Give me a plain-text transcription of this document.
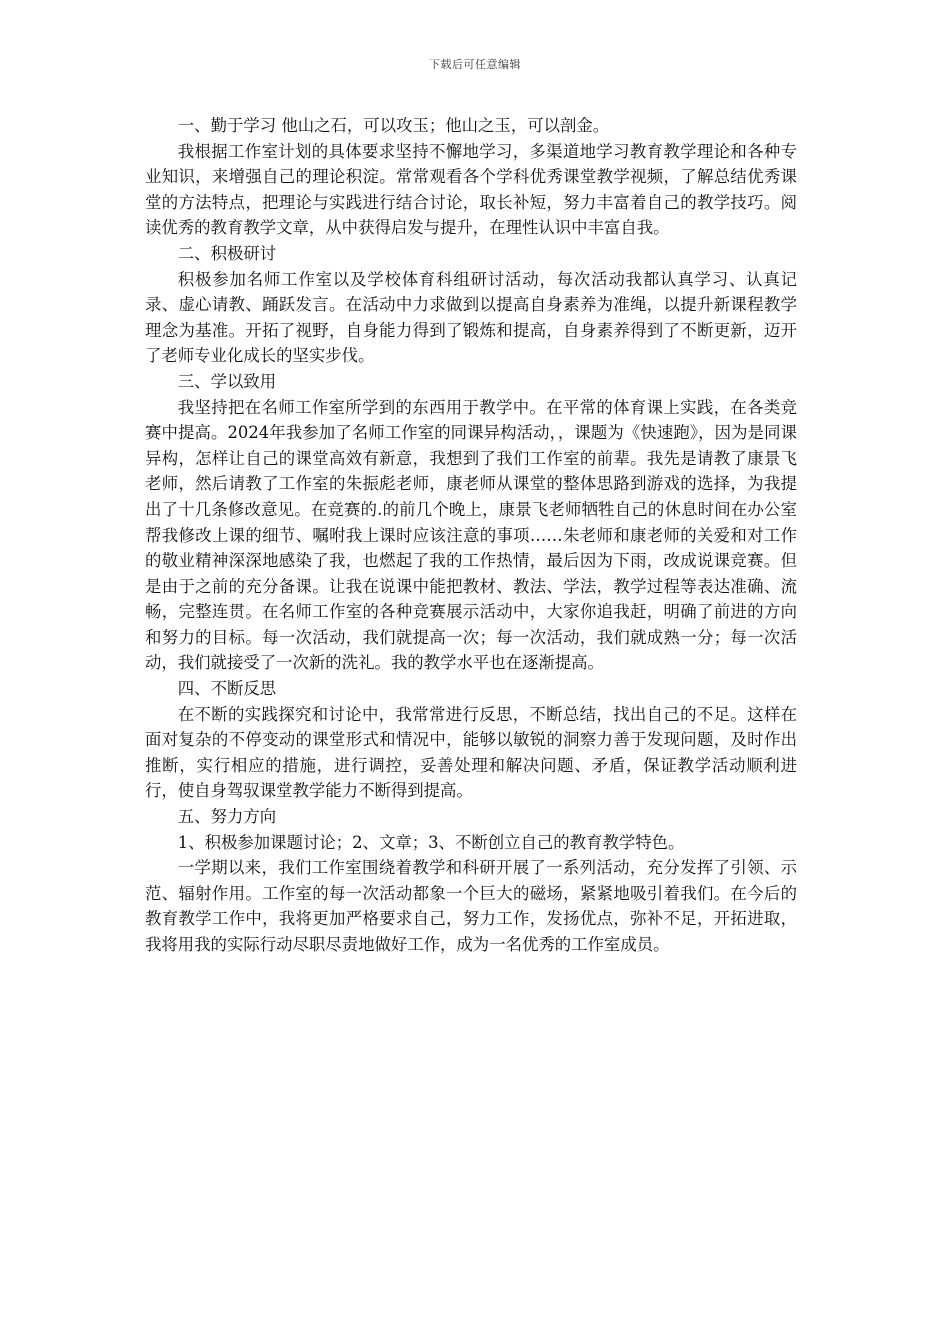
下载后可任意编辑

一、勤于学习 他山之石，可以攻玉；他山之玉，可以剖金。

我根据工作室计划的具体要求坚持不懈地学习，多渠道地学习教育教学理论和各种专业知识，来增强自己的理论积淀。常常观看各个学科优秀课堂教学视频，了解总结优秀课堂的方法特点，把理论与实践进行结合讨论，取长补短，努力丰富着自己的教学技巧。阅读优秀的教育教学文章，从中获得启发与提升，在理性认识中丰富自我。

二、积极研讨

积极参加名师工作室以及学校体育科组研讨活动，每次活动我都认真学习、认真记录、虚心请教、踊跃发言。在活动中力求做到以提高自身素养为准绳，以提升新课程教学理念为基准。开拓了视野，自身能力得到了锻炼和提高，自身素养得到了不断更新，迈开了老师专业化成长的坚实步伐。

三、学以致用

我坚持把在名师工作室所学到的东西用于教学中。在平常的体育课上实践，在各类竞赛中提高。2024年我参加了名师工作室的同课异构活动，，课题为《快速跑》，因为是同课异构，怎样让自己的课堂高效有新意，我想到了我们工作室的前辈。我先是请教了康景飞老师，然后请教了工作室的朱振彪老师，康老师从课堂的整体思路到游戏的选择，为我提出了十几条修改意见。在竞赛的.的前几个晚上，康景飞老师牺牲自己的休息时间在办公室帮我修改上课的细节、嘱咐我上课时应该注意的事项……朱老师和康老师的关爱和对工作的敬业精神深深地感染了我，也燃起了我的工作热情，最后因为下雨，改成说课竞赛。但是由于之前的充分备课。让我在说课中能把教材、教法、学法，教学过程等表达准确、流畅，完整连贯。在名师工作室的各种竞赛展示活动中，大家你追我赶，明确了前进的方向和努力的目标。每一次活动，我们就提高一次；每一次活动，我们就成熟一分；每一次活动，我们就接受了一次新的洗礼。我的教学水平也在逐渐提高。

四、不断反思

在不断的实践探究和讨论中，我常常进行反思，不断总结，找出自己的不足。这样在面对复杂的不停变动的课堂形式和情况中，能够以敏锐的洞察力善于发现问题，及时作出推断，实行相应的措施，进行调控，妥善处理和解决问题、矛盾，保证教学活动顺利进行，使自身驾驭课堂教学能力不断得到提高。

五、努力方向

1、积极参加课题讨论；2、文章；3、不断创立自己的教育教学特色。

一学期以来，我们工作室围绕着教学和科研开展了一系列活动，充分发挥了引领、示范、辐射作用。工作室的每一次活动都象一个巨大的磁场，紧紧地吸引着我们。在今后的教育教学工作中，我将更加严格要求自己，努力工作，发扬优点，弥补不足，开拓进取，我将用我的实际行动尽职尽责地做好工作，成为一名优秀的工作室成员。
